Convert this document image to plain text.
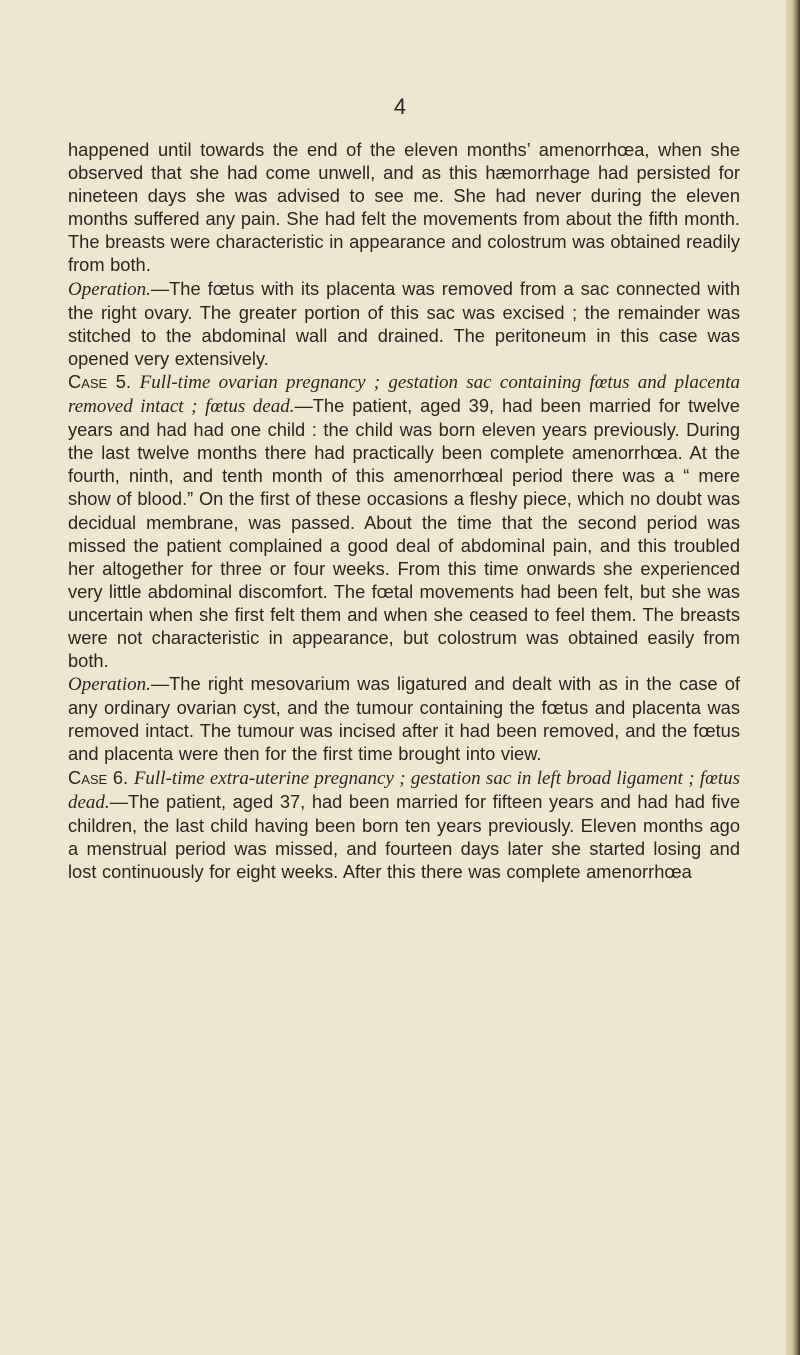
4

happened until towards the end of the eleven months’ amenorrhœa, when she observed that she had come unwell, and as this hæmorrhage had persisted for nineteen days she was advised to see me. She had never during the eleven months suffered any pain. She had felt the movements from about the fifth month. The breasts were characteristic in appearance and colostrum was obtained readily from both.

Operation.—The fœtus with its placenta was removed from a sac connected with the right ovary. The greater portion of this sac was excised ; the remainder was stitched to the abdominal wall and drained. The peritoneum in this case was opened very extensively.

Case 5. Full-time ovarian pregnancy ; gestation sac containing fœtus and placenta removed intact ; fœtus dead.—The patient, aged 39, had been married for twelve years and had had one child : the child was born eleven years previously. During the last twelve months there had practically been complete amenorrhœa. At the fourth, ninth, and tenth month of this amenorrhœal period there was a “ mere show of blood.” On the first of these occasions a fleshy piece, which no doubt was decidual membrane, was passed. About the time that the second period was missed the patient complained a good deal of abdominal pain, and this troubled her altogether for three or four weeks. From this time onwards she experienced very little abdominal discomfort. The fœtal movements had been felt, but she was uncertain when she first felt them and when she ceased to feel them. The breasts were not characteristic in appearance, but colostrum was obtained easily from both.

Operation.—The right mesovarium was ligatured and dealt with as in the case of any ordinary ovarian cyst, and the tumour containing the fœtus and placenta was removed intact. The tumour was incised after it had been removed, and the fœtus and placenta were then for the first time brought into view.

Case 6. Full-time extra-uterine pregnancy ; gestation sac in left broad ligament ; fœtus dead.—The patient, aged 37, had been married for fifteen years and had had five children, the last child having been born ten years previously. Eleven months ago a menstrual period was missed, and fourteen days later she started losing and lost continuously for eight weeks. After this there was complete amenorrhœa
